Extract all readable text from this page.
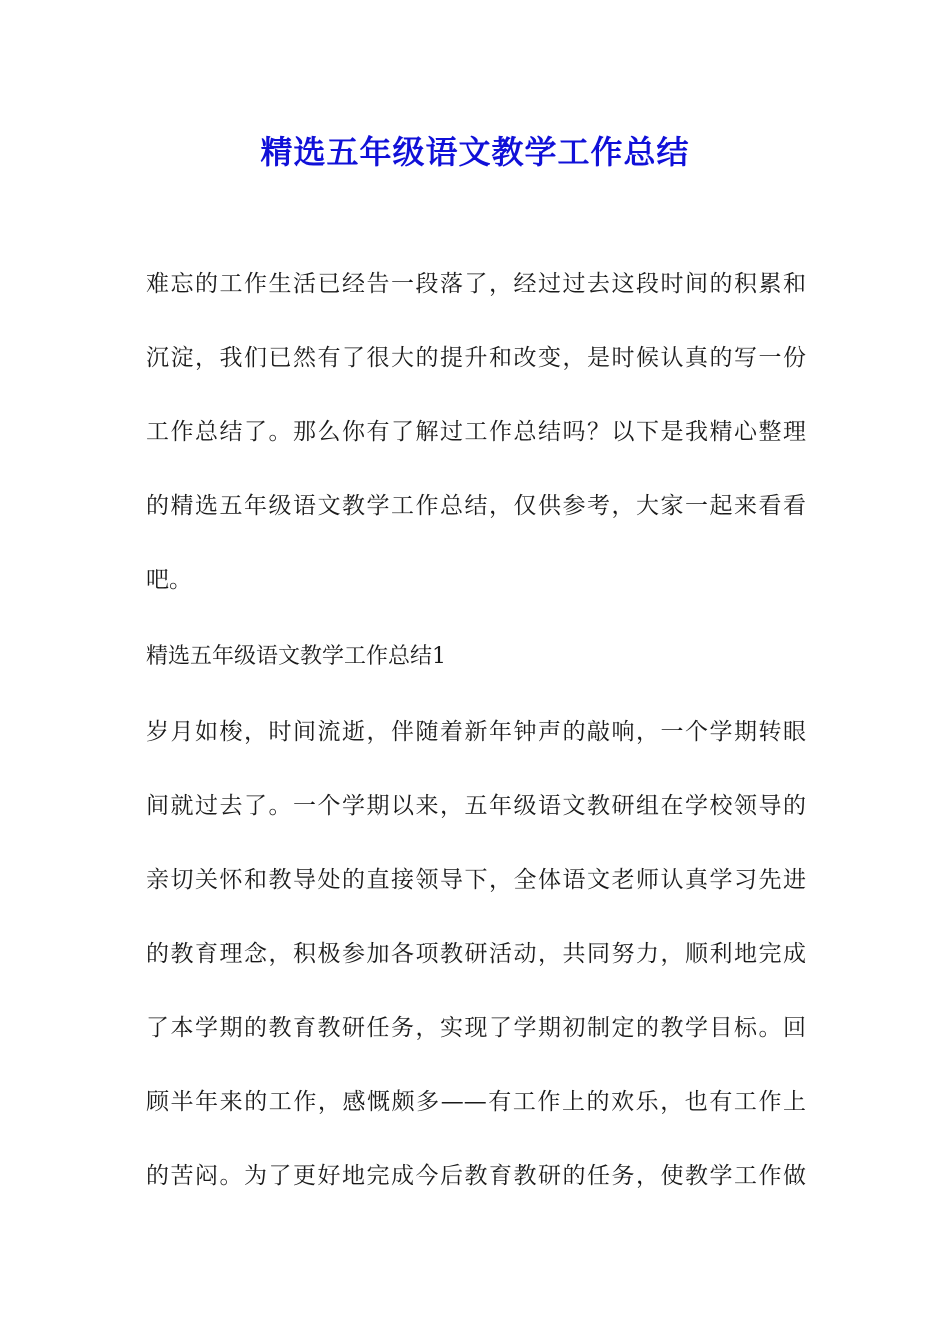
精选五年级语文教学工作总结
难忘的工作生活已经告一段落了，经过过去这段时间的积累和
沉淀，我们已然有了很大的提升和改变，是时候认真的写一份
工作总结了。那么你有了解过工作总结吗？以下是我精心整理
的精选五年级语文教学工作总结，仅供参考，大家一起来看看
吧。
精选五年级语文教学工作总结1
岁月如梭，时间流逝，伴随着新年钟声的敲响，一个学期转眼
间就过去了。一个学期以来，五年级语文教研组在学校领导的
亲切关怀和教导处的直接领导下，全体语文老师认真学习先进
的教育理念，积极参加各项教研活动，共同努力，顺利地完成
了本学期的教育教研任务，实现了学期初制定的教学目标。回
顾半年来的工作，感慨颇多——有工作上的欢乐，也有工作上
的苦闷。为了更好地完成今后教育教研的任务，使教学工作做
